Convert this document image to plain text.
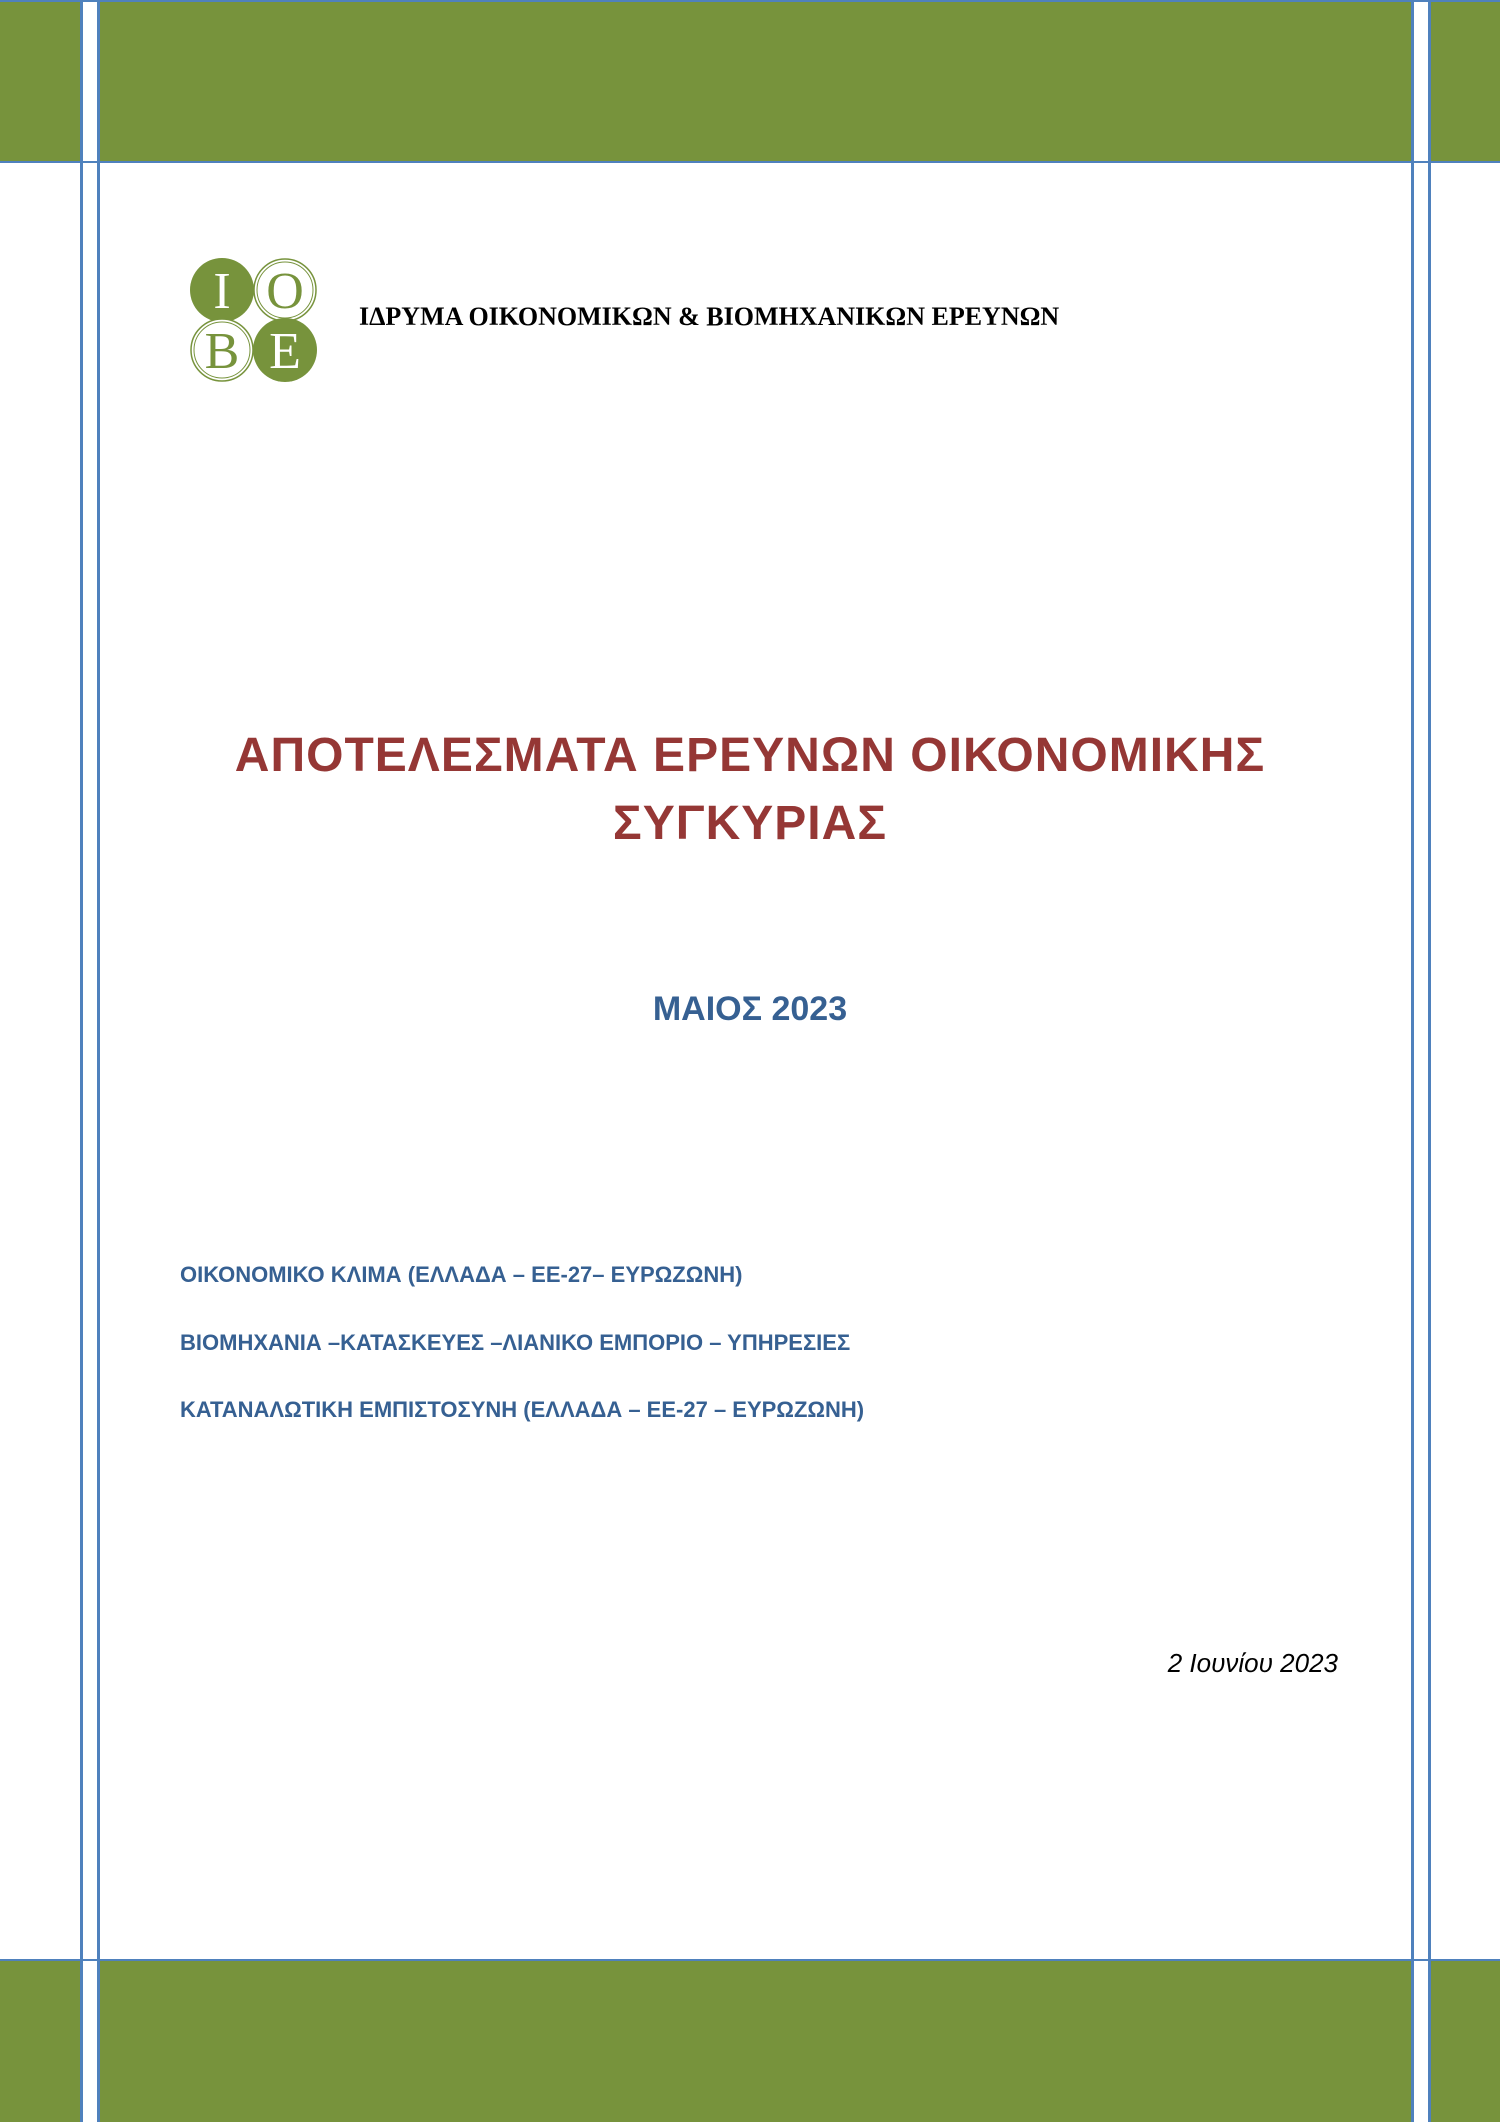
Ι Ο
Β Ε
ΙΔΡΥΜΑ ΟΙΚΟΝΟΜΙΚΩΝ & ΒΙΟΜΗΧΑΝΙΚΩΝ ΕΡΕΥΝΩΝ
ΑΠΟΤΕΛΕΣΜΑΤΑ ΕΡΕΥΝΩΝ ΟΙΚΟΝΟΜΙΚΗΣ
ΣΥΓΚΥΡΙΑΣ
ΜΑΙΟΣ 2023
ΟΙΚΟΝΟΜΙΚΟ ΚΛΙΜΑ (ΕΛΛΑΔΑ – ΕΕ-27– ΕΥΡΩΖΩΝΗ)
ΒΙΟΜΗΧΑΝΙΑ –ΚΑΤΑΣΚΕΥΕΣ –ΛΙΑΝΙΚΟ ΕΜΠΟΡΙΟ – ΥΠΗΡΕΣΙΕΣ
ΚΑΤΑΝΑΛΩΤΙΚΗ ΕΜΠΙΣΤΟΣΥΝΗ (ΕΛΛΑΔΑ – ΕΕ-27 – ΕΥΡΩΖΩΝΗ)
2 Ιουνίου 2023
